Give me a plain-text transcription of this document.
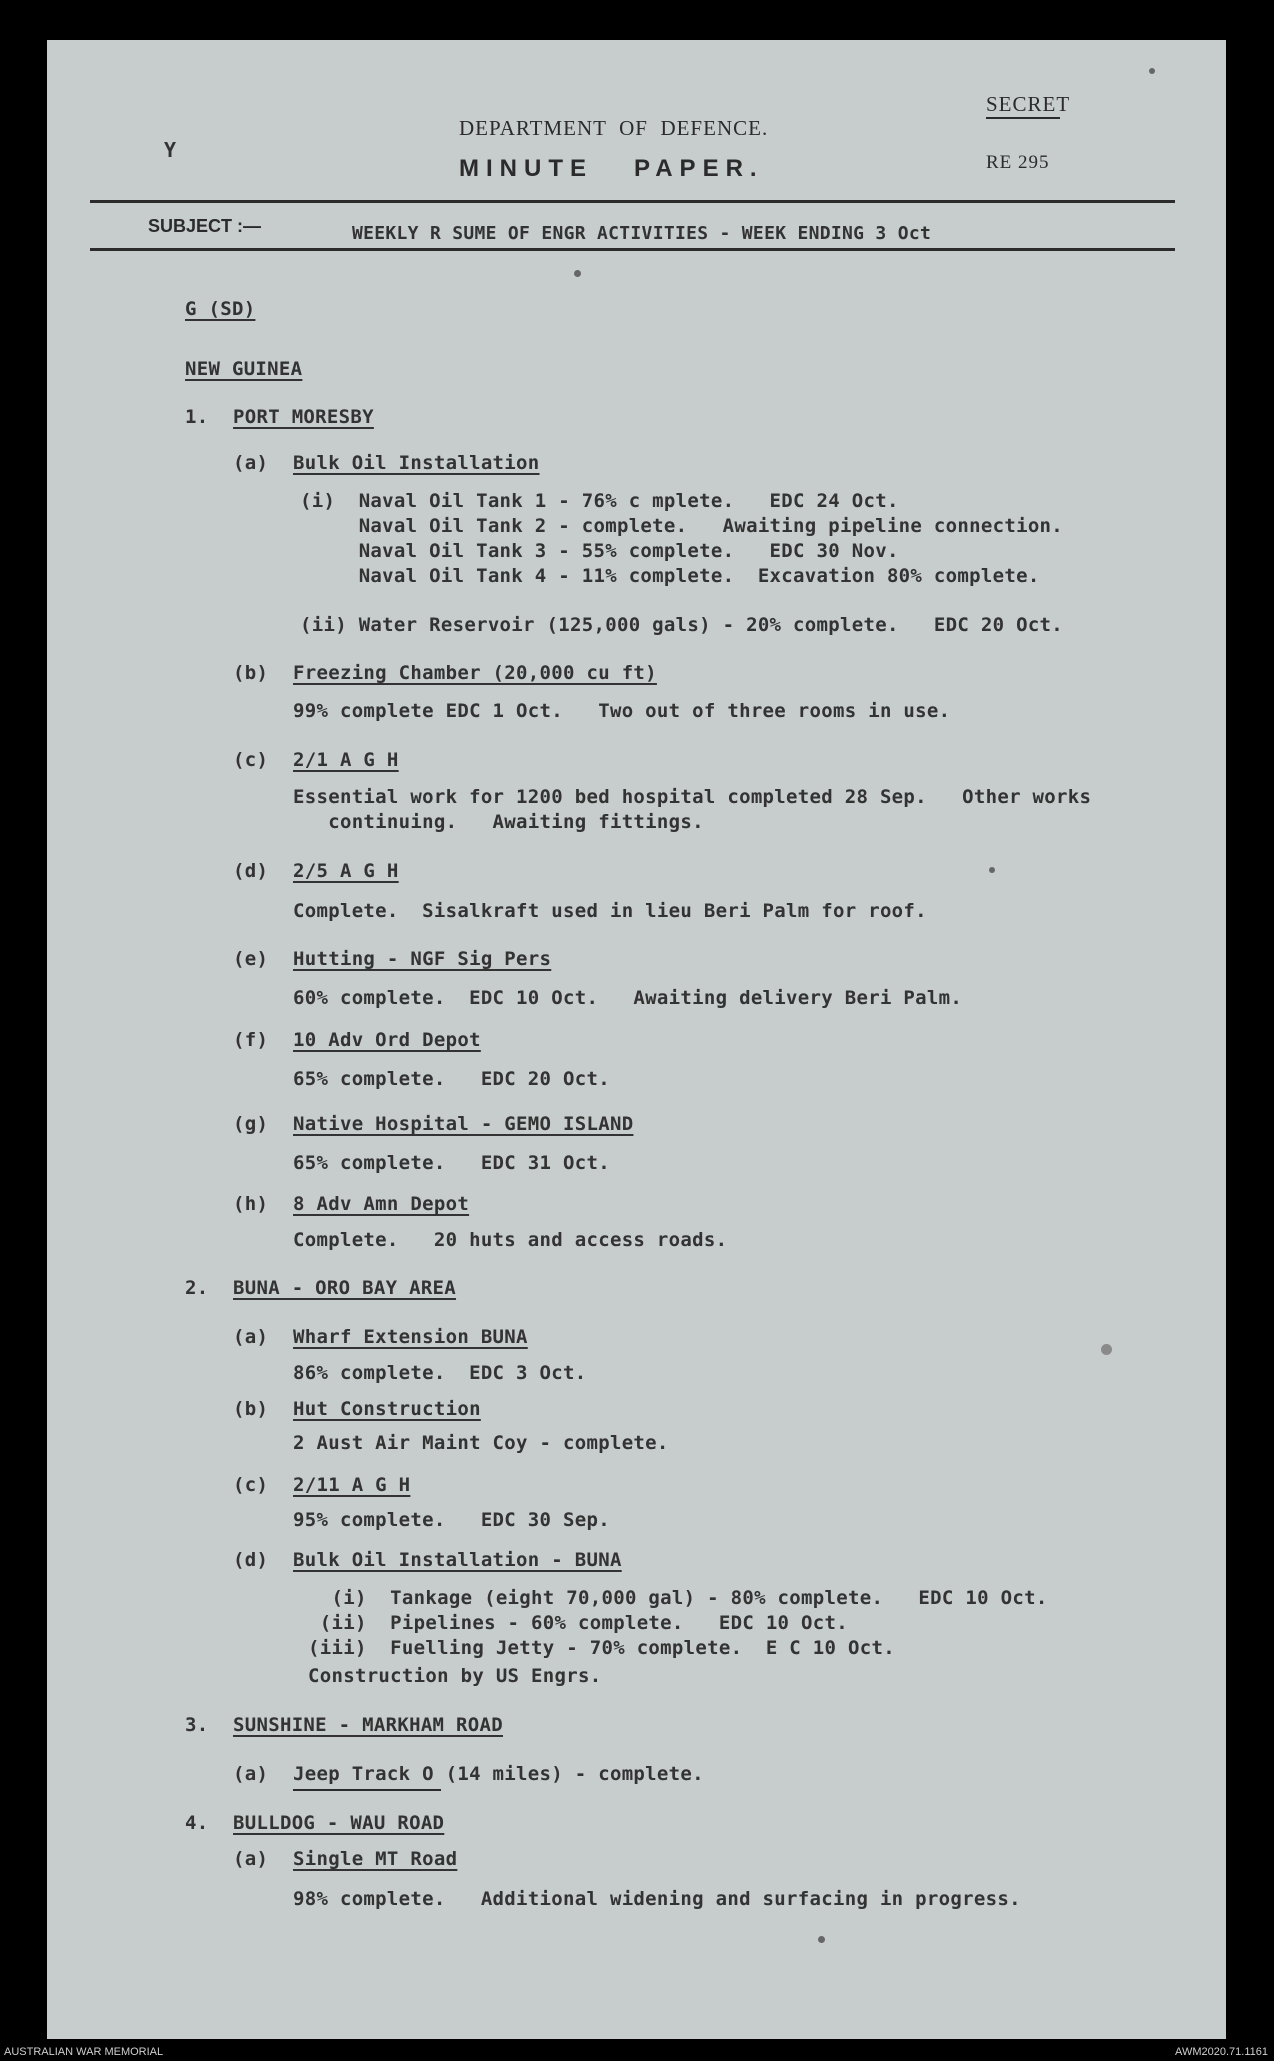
SECRET
DEPARTMENT  OF  DEFENCE.
Y
MINUTE   PAPER.	RE 295
SUBJECT :—	WEEKLY R SUME OF ENGR ACTIVITIES - WEEK ENDING 3 Oct
G (SD)
NEW GUINEA
1. PORT MORESBY
(a) Bulk Oil Installation
(i)  Naval Oil Tank 1 - 76% c mplete.   EDC 24 Oct.
Naval Oil Tank 2 - complete.   Awaiting pipeline connection.
Naval Oil Tank 3 - 55% complete.   EDC 30 Nov.
Naval Oil Tank 4 - 11% complete.  Excavation 80% complete.
(ii) Water Reservoir (125,000 gals) - 20% complete.   EDC 20 Oct.
(b) Freezing Chamber (20,000 cu ft)
99% complete EDC 1 Oct.   Two out of three rooms in use.
(c) 2/1 A G H
Essential work for 1200 bed hospital completed 28 Sep.   Other works
continuing.   Awaiting fittings.
(d) 2/5 A G H
Complete.  Sisalkraft used in lieu Beri Palm for roof.
(e) Hutting - NGF Sig Pers
60% complete.  EDC 10 Oct.   Awaiting delivery Beri Palm.
(f) 10 Adv Ord Depot
65% complete.   EDC 20 Oct.
(g) Native Hospital - GEMO ISLAND
65% complete.   EDC 31 Oct.
(h) 8 Adv Amn Depot
Complete.   20 huts and access roads.
2. BUNA - ORO BAY AREA
(a) Wharf Extension BUNA
86% complete.  EDC 3 Oct.
(b) Hut Construction
2 Aust Air Maint Coy - complete.
(c) 2/11 A G H
95% complete.   EDC 30 Sep.
(d) Bulk Oil Installation - BUNA
(i)  Tankage (eight 70,000 gal) - 80% complete.   EDC 10 Oct.
(ii)  Pipelines - 60% complete.   EDC 10 Oct.
(iii)  Fuelling Jetty - 70% complete.  E C 10 Oct.
Construction by US Engrs.
3. SUNSHINE - MARKHAM ROAD
(a) Jeep Track O (14 miles) - complete.
4. BULLDOG - WAU ROAD
(a) Single MT Road
98% complete.   Additional widening and surfacing in progress.
AUSTRALIAN WAR MEMORIAL	AWM2020.71.1161
